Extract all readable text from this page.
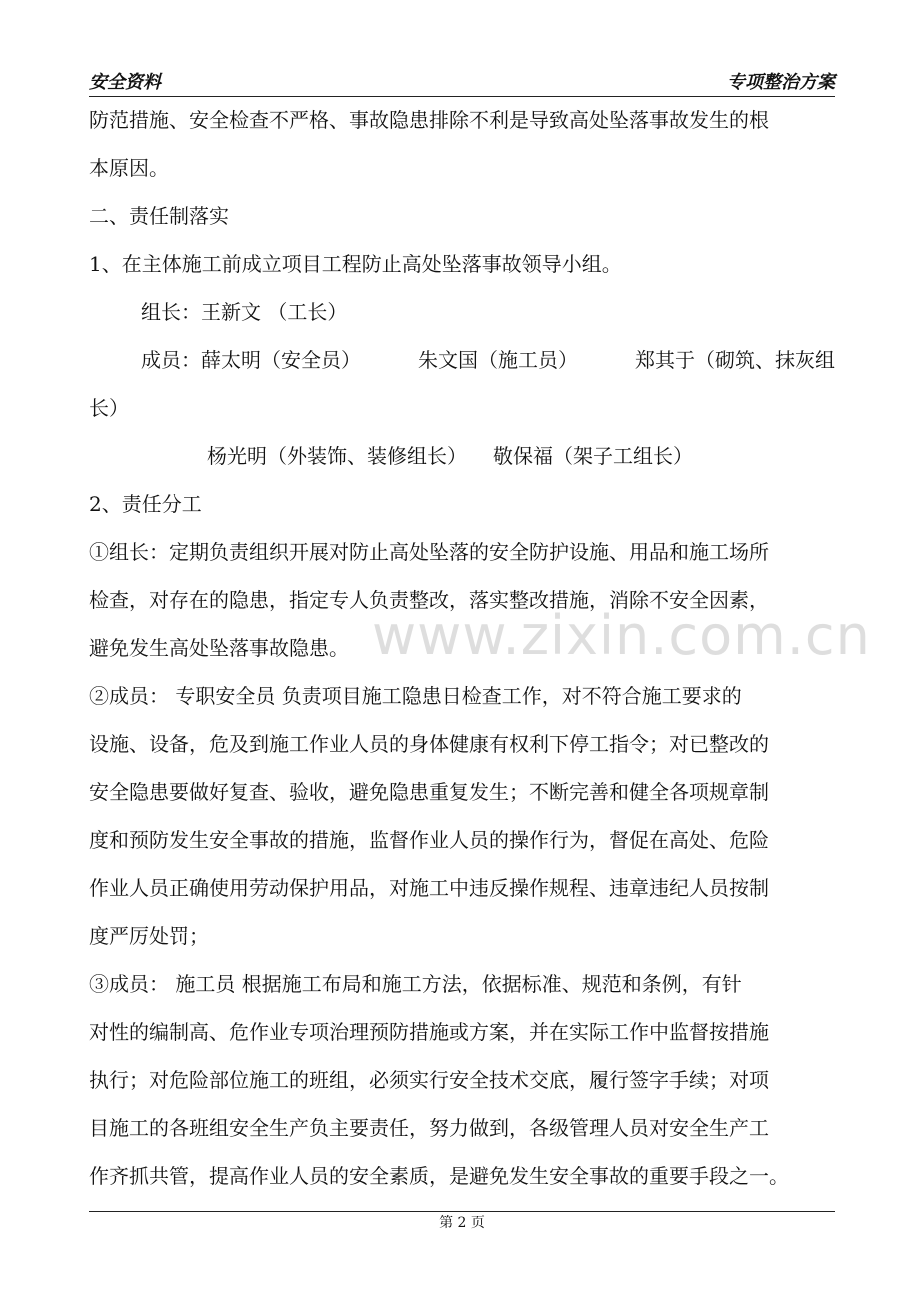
安全资料	专项整治方案
防范措施、安全检查不严格、事故隐患排除不利是导致高处坠落事故发生的根
本原因。
二、责任制落实
1、在主体施工前成立项目工程防止高处坠落事故领导小组。
组长：王新文 （工长）
成员：薛太明（安全员）	朱文国（施工员）	郑其于（砌筑、抹灰组
长）
杨光明（外装饰、装修组长） 敬保福（架子工组长）
2、责任分工
①组长：定期负责组织开展对防止高处坠落的安全防护设施、用品和施工场所
检查，对存在的隐患，指定专人负责整改，落实整改措施，消除不安全因素，
避免发生高处坠落事故隐患。
②成员： 专职安全员 负责项目施工隐患日检查工作，对不符合施工要求的
设施、设备，危及到施工作业人员的身体健康有权利下停工指令；对已整改的
安全隐患要做好复查、验收，避免隐患重复发生；不断完善和健全各项规章制
度和预防发生安全事故的措施，监督作业人员的操作行为，督促在高处、危险
作业人员正确使用劳动保护用品，对施工中违反操作规程、违章违纪人员按制
度严厉处罚；
③成员： 施工员 根据施工布局和施工方法，依据标准、规范和条例，有针
对性的编制高、危作业专项治理预防措施或方案，并在实际工作中监督按措施
执行；对危险部位施工的班组，必须实行安全技术交底，履行签字手续；对项
目施工的各班组安全生产负主要责任，努力做到，各级管理人员对安全生产工
作齐抓共管，提高作业人员的安全素质，是避免发生安全事故的重要手段之一。
www.zixin.com.cn
第 2 页
